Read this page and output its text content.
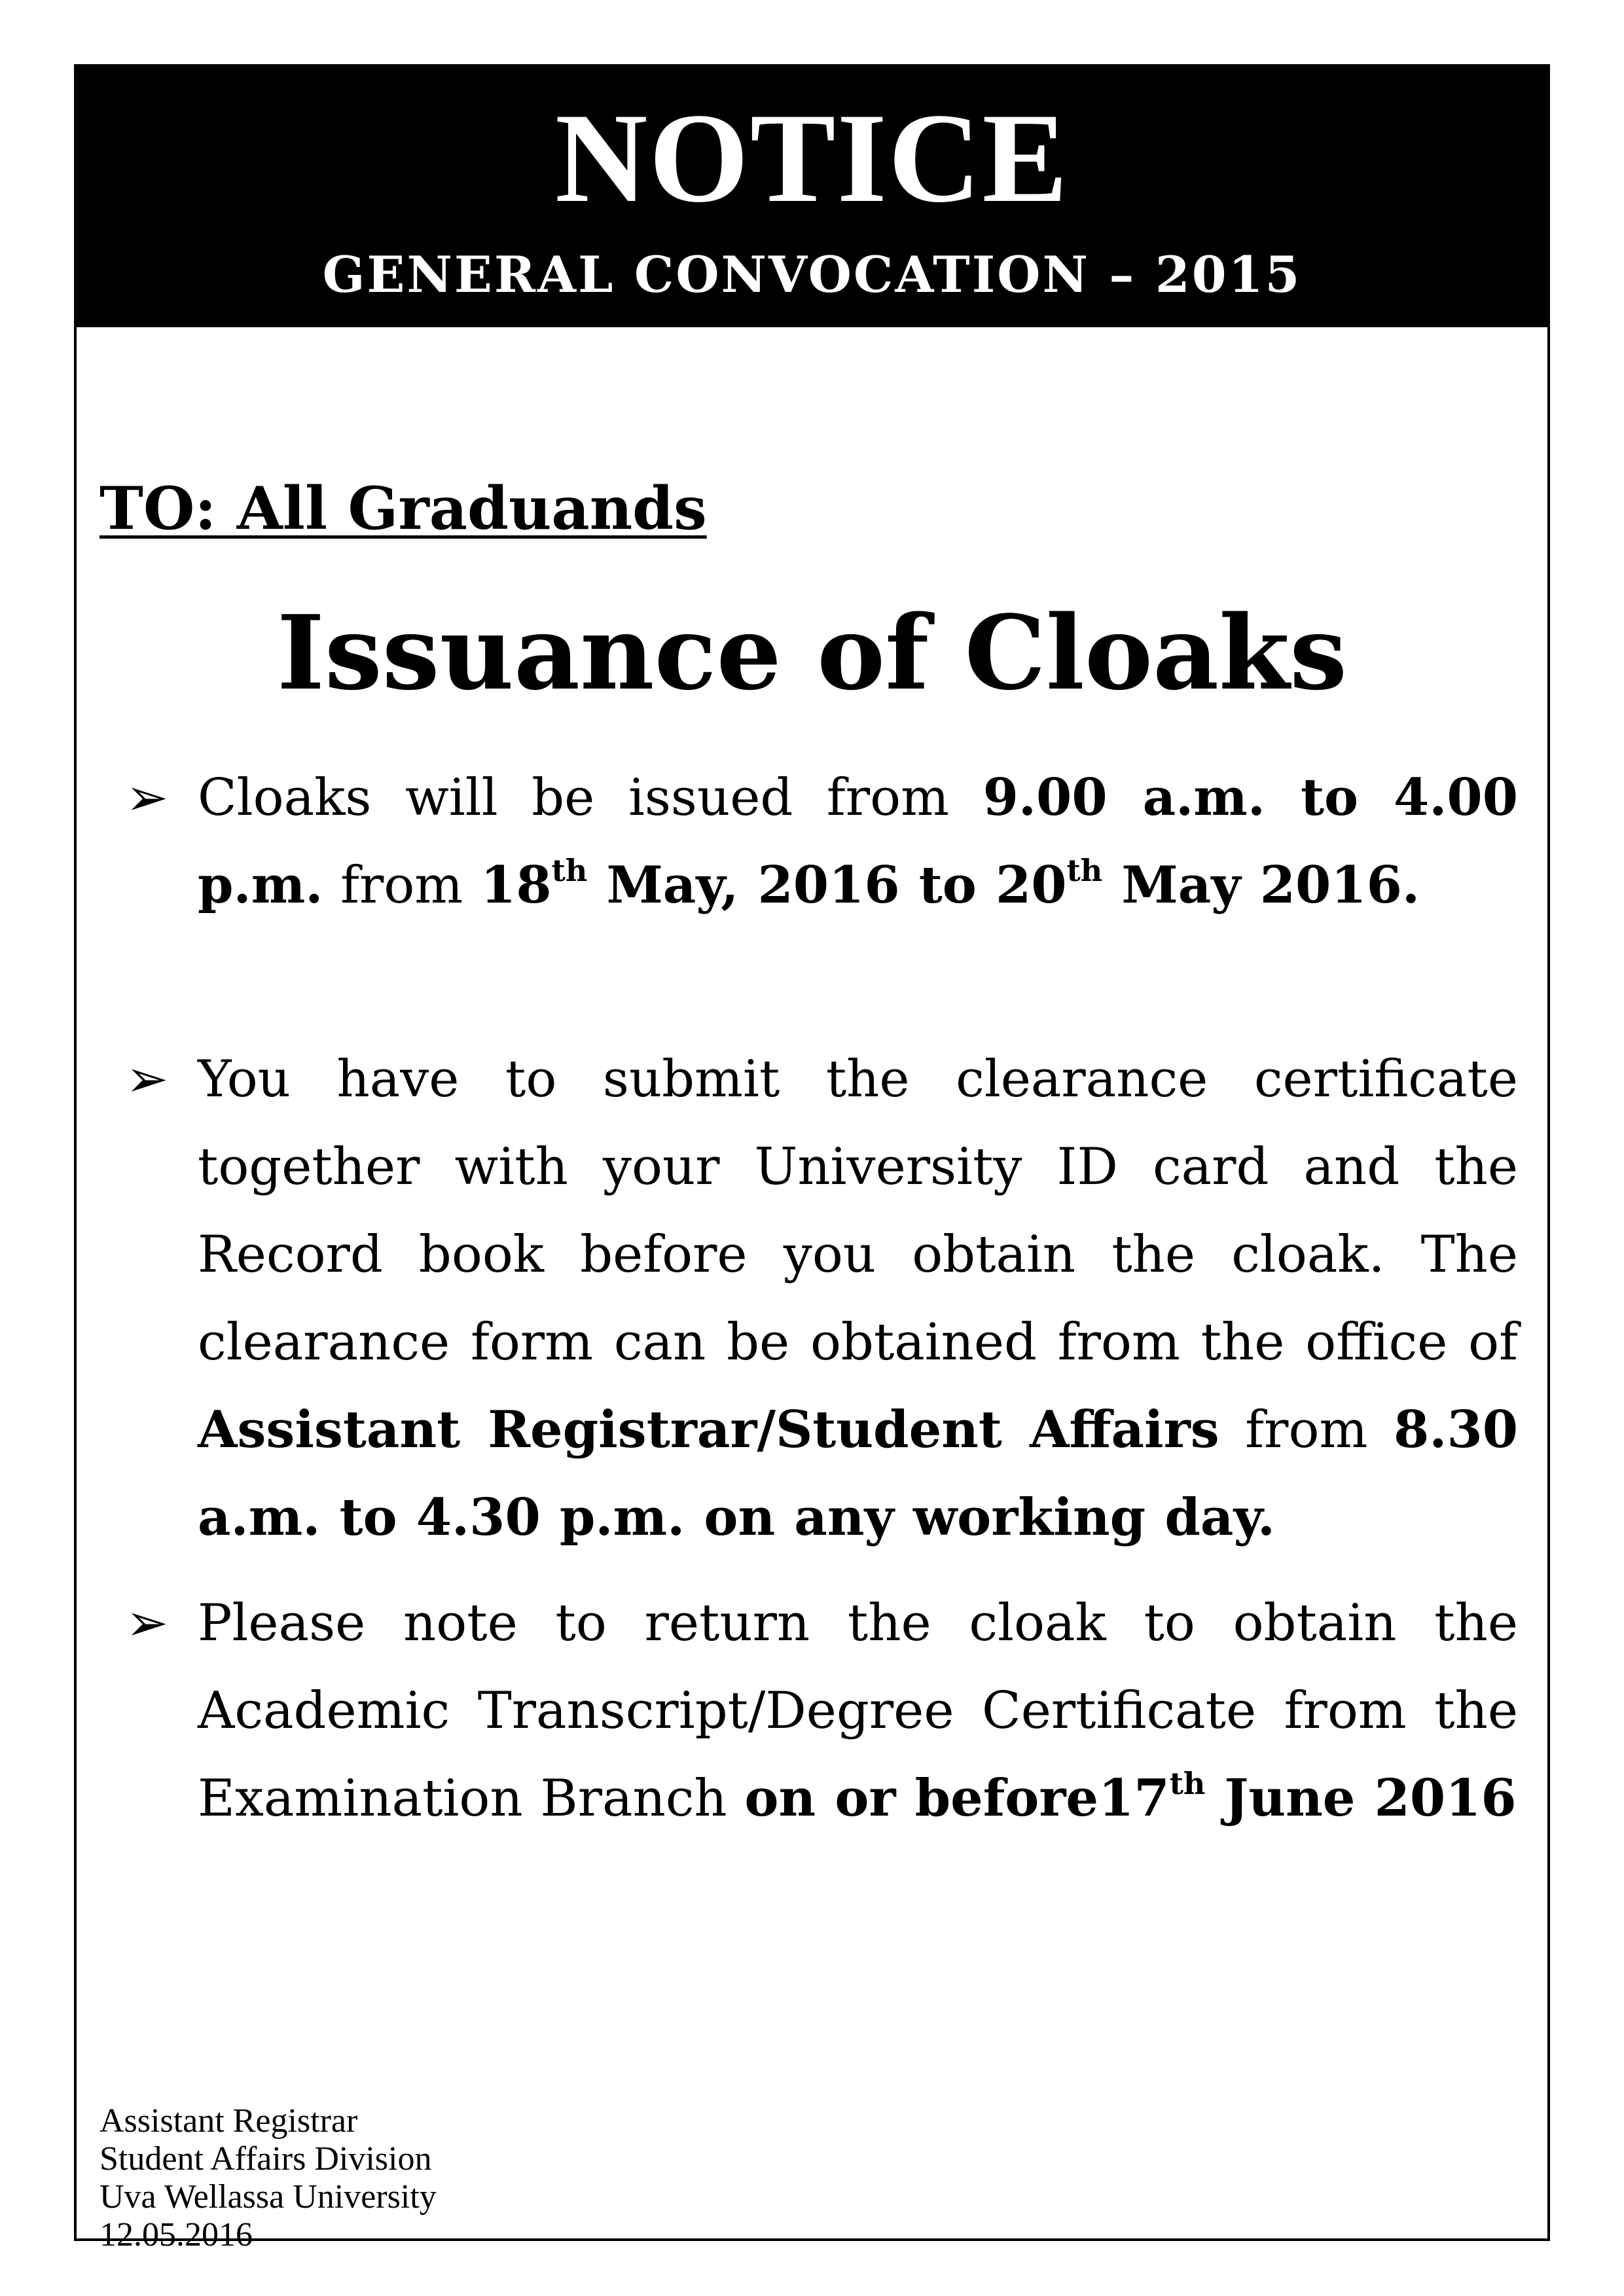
NOTICE
GENERAL CONVOCATION – 2015
TO: All Graduands
Issuance of Cloaks
➢ Cloaks will be issued from 9.00 a.m. to 4.00 p.m. from 18th May, 2016 to 20th May 2016.
➢ You have to submit the clearance certificate together with your University ID card and the Record book before you obtain the cloak. The clearance form can be obtained from the office of Assistant Registrar/Student Affairs from 8.30 a.m. to 4.30 p.m. on any working day.
➢ Please note to return the cloak to obtain the Academic Transcript/Degree Certificate from the Examination Branch on or before17th June 2016
Assistant Registrar
Student Affairs Division
Uva Wellassa University
12.05.2016
